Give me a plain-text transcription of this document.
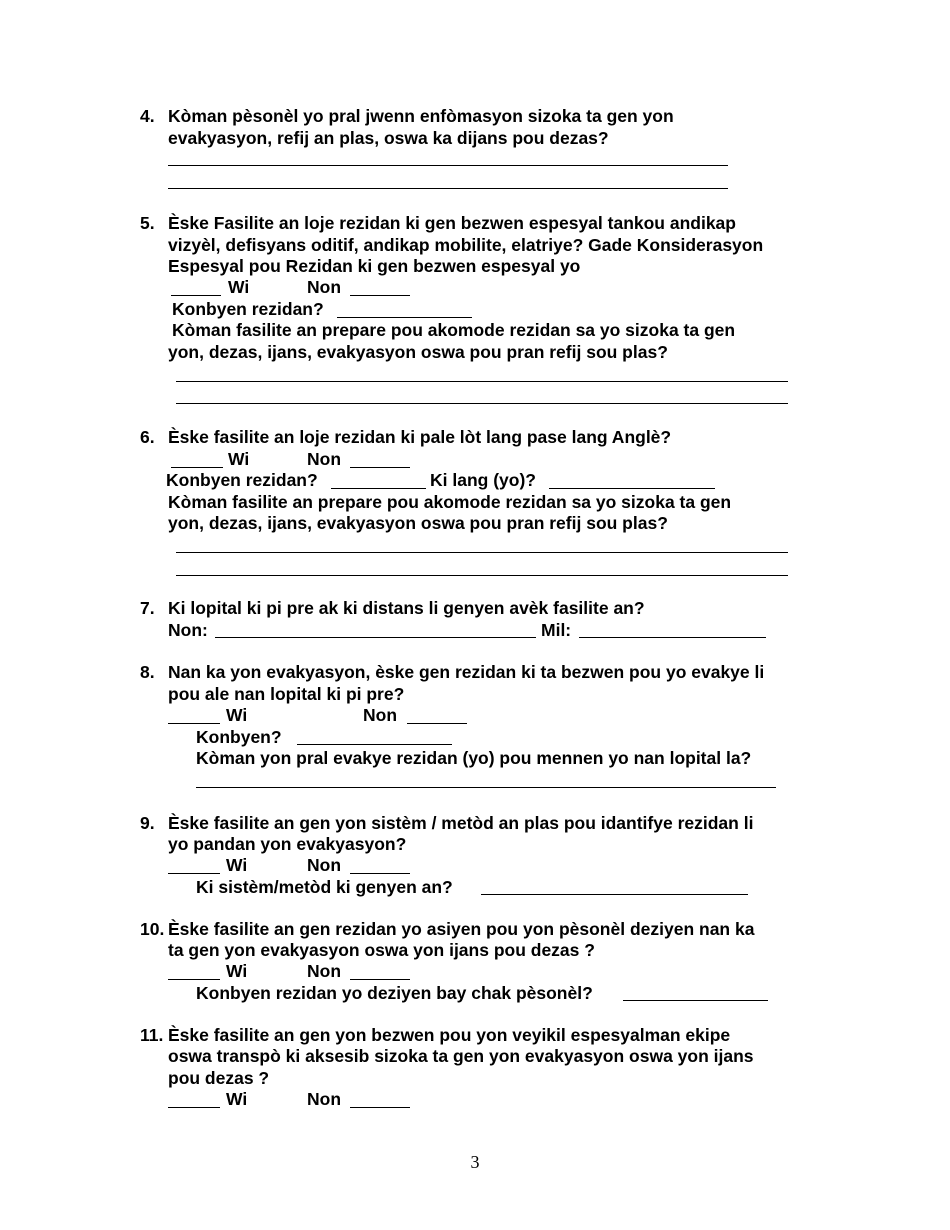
4.

Kòman pèsonèl yo pral jwenn enfòmasyon sizoka ta gen yon

evakyasyon, refij an plas, oswa ka dijans pou dezas?

5.

Èske Fasilite an loje rezidan ki gen bezwen espesyal tankou andikap

vizyèl, defisyans oditif, andikap mobilite, elatriye? Gade Konsiderasyon

Espesyal pou Rezidan ki gen bezwen espesyal yo

Wi

	Non

Konbyen rezidan?

Kòman fasilite an prepare pou akomode rezidan sa yo sizoka ta gen

yon, dezas, ijans, evakyasyon oswa pou pran refij sou plas?

6.

Èske fasilite an loje rezidan ki pale lòt lang pase lang Anglè?

Wi

	Non

Konbyen rezidan?

	Ki lang (yo)?

Kòman fasilite an prepare pou akomode rezidan sa yo sizoka ta gen

yon, dezas, ijans, evakyasyon oswa pou pran refij sou plas?

7.

Ki lopital ki pi pre ak ki distans li genyen avèk fasilite an?

Non:

	Mil:

8.

Nan ka yon evakyasyon, èske gen rezidan ki ta bezwen pou yo evakye li

pou ale nan lopital ki pi pre?

Wi

	Non

Konbyen?

Kòman yon pral evakye rezidan (yo) pou mennen yo nan lopital la?

9.

Èske fasilite an gen yon sistèm / metòd an plas pou idantifye rezidan li

yo pandan yon evakyasyon?

Wi

	Non

Ki sistèm/metòd ki genyen an?

10.

Èske fasilite an gen rezidan yo asiyen pou yon pèsonèl deziyen nan ka

ta gen yon evakyasyon oswa yon ijans pou dezas ?

Wi

	Non

Konbyen rezidan yo deziyen bay chak pèsonèl?

11.

Èske fasilite an gen yon bezwen pou yon veyikil espesyalman ekipe

oswa transpò ki aksesib sizoka ta gen yon evakyasyon oswa yon ijans

pou dezas ?

Wi

	Non

3
